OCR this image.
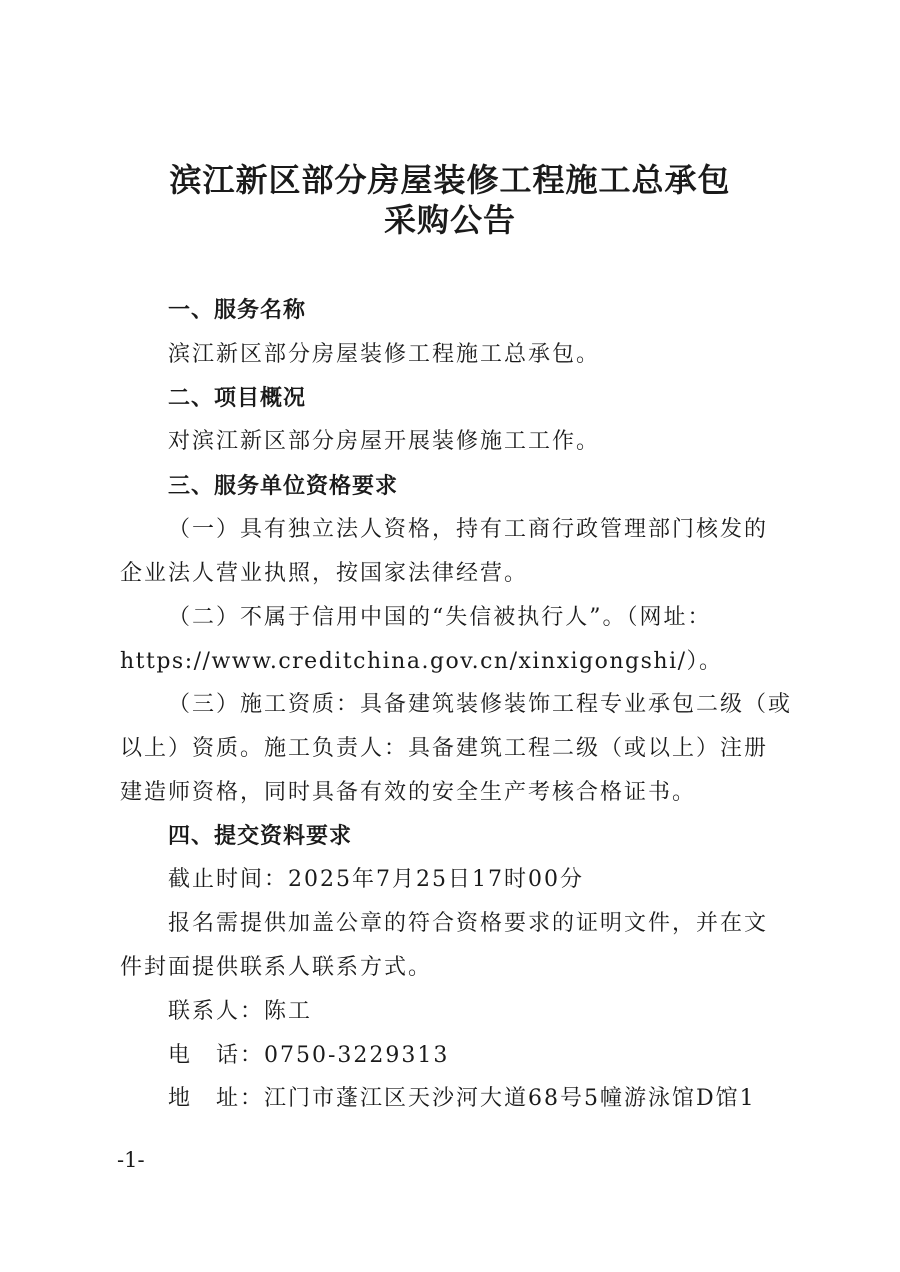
滨江新区部分房屋装修工程施工总承包
采购公告
一、服务名称
滨江新区部分房屋装修工程施工总承包。
二、项目概况
对滨江新区部分房屋开展装修施工工作。
三、服务单位资格要求
（一）具有独立法人资格，持有工商行政管理部门核发的
企业法人营业执照，按国家法律经营。
（二）不属于信用中国的“失信被执行人”。（网址：
https://www.creditchina.gov.cn/xinxigongshi/）。
（三）施工资质：具备建筑装修装饰工程专业承包二级（或
以上）资质。施工负责人：具备建筑工程二级（或以上）注册
建造师资格，同时具备有效的安全生产考核合格证书。
四、提交资料要求
截止时间：2025年7月25日17时00分
报名需提供加盖公章的符合资格要求的证明文件，并在文
件封面提供联系人联系方式。
联系人：陈工
电　话：0750-3229313
地　址：江门市蓬江区天沙河大道68号5幢游泳馆D馆1
-1-
